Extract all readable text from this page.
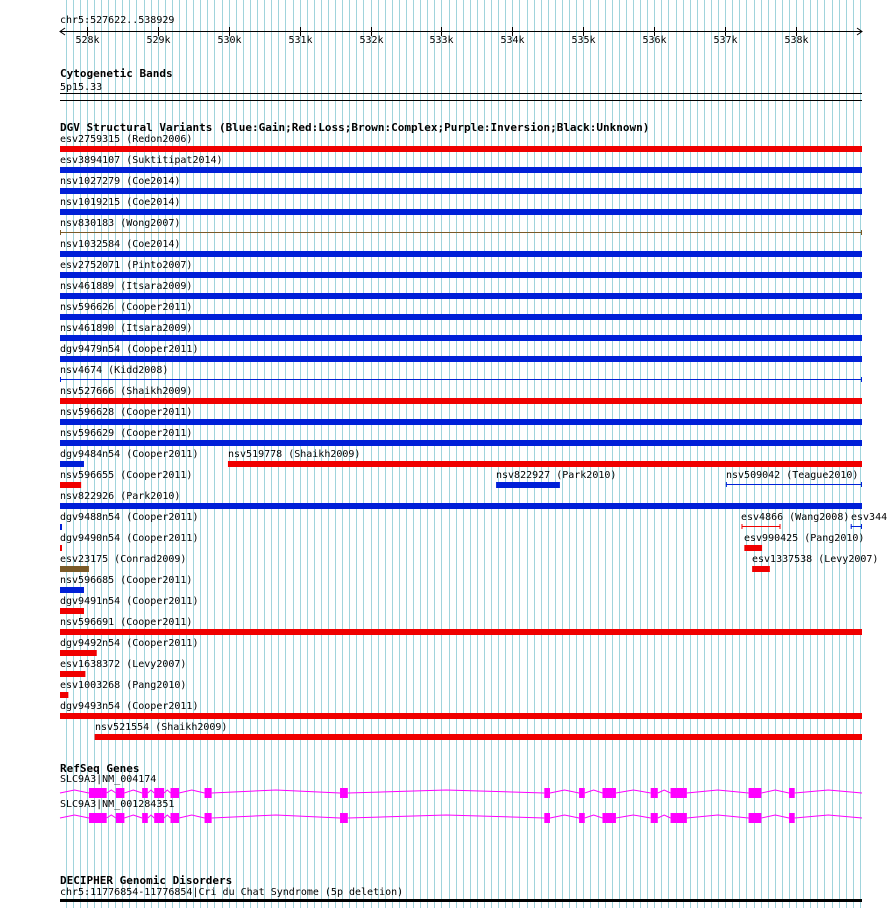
chr5:527622..538929
528k	529k	530k	531k	532k	533k	534k	535k	536k	537k	538k
Cytogenetic Bands
5p15.33
DGV Structural Variants (Blue:Gain;Red:Loss;Brown:Complex;Purple:Inversion;Black:Unknown)
esv2759315 (Redon2006)
esv3894107 (Suktitipat2014)
nsv1027279 (Coe2014)
nsv1019215 (Coe2014)
nsv830183 (Wong2007)
nsv1032584 (Coe2014)
esv2752071 (Pinto2007)
nsv461889 (Itsara2009)
nsv596626 (Cooper2011)
nsv461890 (Itsara2009)
dgv9479n54 (Cooper2011)
nsv4674 (Kidd2008)
nsv527666 (Shaikh2009)
nsv596628 (Cooper2011)
nsv596629 (Cooper2011)
dgv9484n54 (Cooper2011)	nsv519778 (Shaikh2009)
nsv596655 (Cooper2011)	nsv822927 (Park2010)	nsv509042 (Teague2010)
nsv822926 (Park2010)
dgv9488n54 (Cooper2011)	esv4866 (Wang2008) esv344
dgv9490n54 (Cooper2011)	esv990425 (Pang2010)
esv23175 (Conrad2009)	esv1337538 (Levy2007)
nsv596685 (Cooper2011)
dgv9491n54 (Cooper2011)
nsv596691 (Cooper2011)
dgv9492n54 (Cooper2011)
esv1638372 (Levy2007)
esv1003268 (Pang2010)
dgv9493n54 (Cooper2011)
nsv521554 (Shaikh2009)
RefSeq Genes
SLC9A3|NM_004174
SLC9A3|NM_001284351
DECIPHER Genomic Disorders
chr5:11776854-11776854|Cri du Chat Syndrome (5p deletion)
